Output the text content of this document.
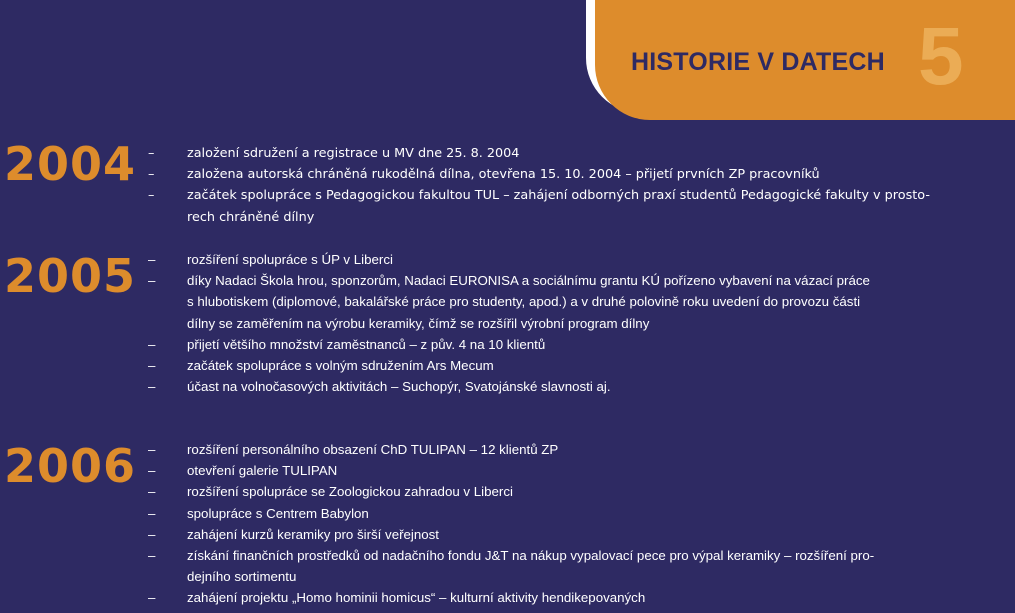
HISTORIE V DATECH 5
2004 –	založení sdružení a registrace u MV dne 25. 8. 2004
–	založena autorská chráněná rukodělná dílna, otevřena 15. 10. 2004 – přijetí prvních ZP pracovníků
–	začátek spolupráce s Pedagogickou fakultou TUL – zahájení odborných praxí studentů Pedagogické fakulty v prosto-
rech chráněné dílny
2005 –	rozšíření spolupráce s ÚP v Liberci
–	díky Nadaci Škola hrou, sponzorům, Nadaci EURONISA a sociálnímu grantu KÚ pořízeno vybavení na vázací práce
s hlubotiskem (diplomové, bakalářské práce pro studenty, apod.) a v druhé polovině roku uvedení do provozu části
dílny se zaměřením na výrobu keramiky, čímž se rozšířil výrobní program dílny
–	přijetí většího množství zaměstnanců – z pův. 4 na 10 klientů
–	začátek spolupráce s volným sdružením Ars Mecum
–	účast na volnočasových aktivitách – Suchopýr, Svatojánské slavnosti aj.
2006 –	rozšíření personálního obsazení ChD TULIPAN – 12 klientů ZP
–	otevření galerie TULIPAN
–	rozšíření spolupráce se Zoologickou zahradou v Liberci
–	spolupráce s Centrem Babylon
–	zahájení kurzů keramiky pro širší veřejnost
–	získání finančních prostředků od nadačního fondu J&T na nákup vypalovací pece pro výpal keramiky – rozšíření pro-
dejního sortimentu
–	zahájení projektu „Homo hominii homicus“ – kulturní aktivity hendikepovaných
